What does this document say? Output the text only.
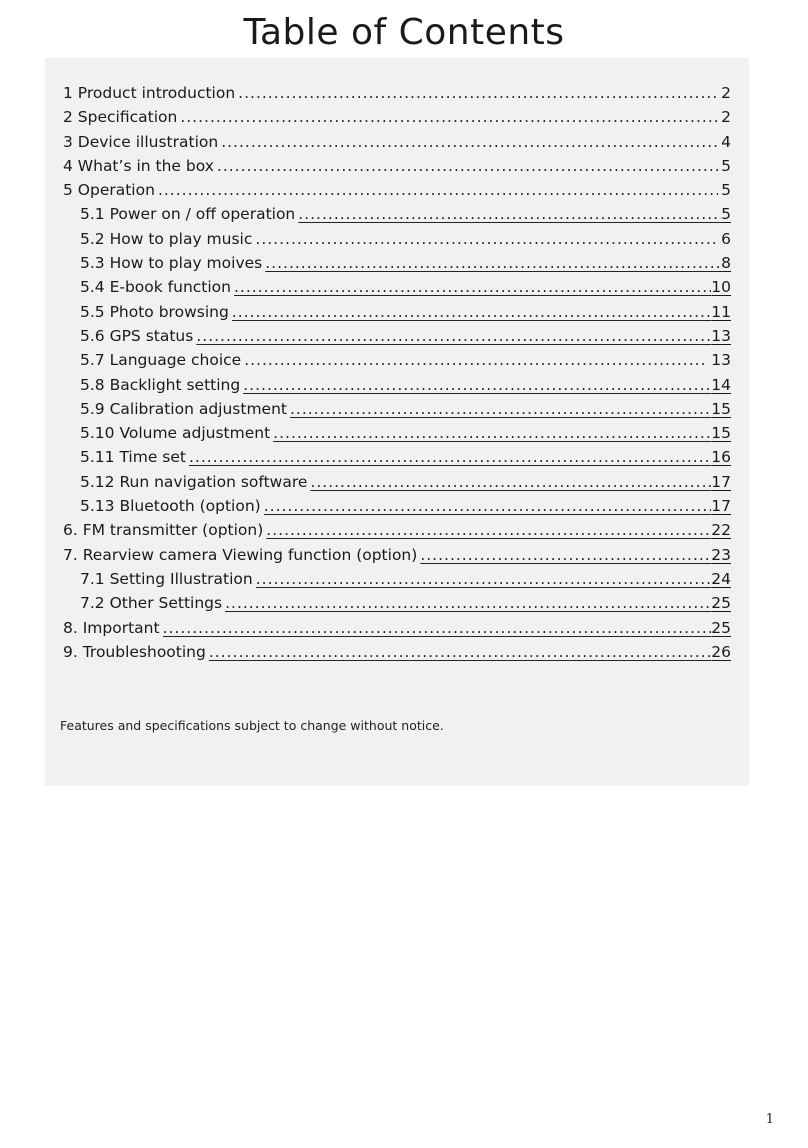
Table of Contents
1 Product introduction .....	2
2 Specification .....	2
3 Device illustration .....	4
4 What’s in the box .....	5
5 Operation .....	5
5.1 Power on / off operation .....	5
5.2 How to play music .....	6
5.3 How to play moives .....	8
5.4 E-book function .....	10
5.5 Photo browsing .....	11
5.6 GPS status .....	13
5.7 Language choice .....	13
5.8 Backlight setting .....	14
5.9 Calibration adjustment .....	15
5.10 Volume adjustment .....	15
5.11 Time set .....	16
5.12 Run navigation software .....	17
5.13 Bluetooth (option) .....	17
6. FM transmitter (option) .....	22
7. Rearview camera Viewing function (option) .....	23
7.1 Setting Illustration .....	24
7.2 Other Settings .....	25
8. Important .....	25
9. Troubleshooting .....	26
Features and specifications subject to change without notice.
1
